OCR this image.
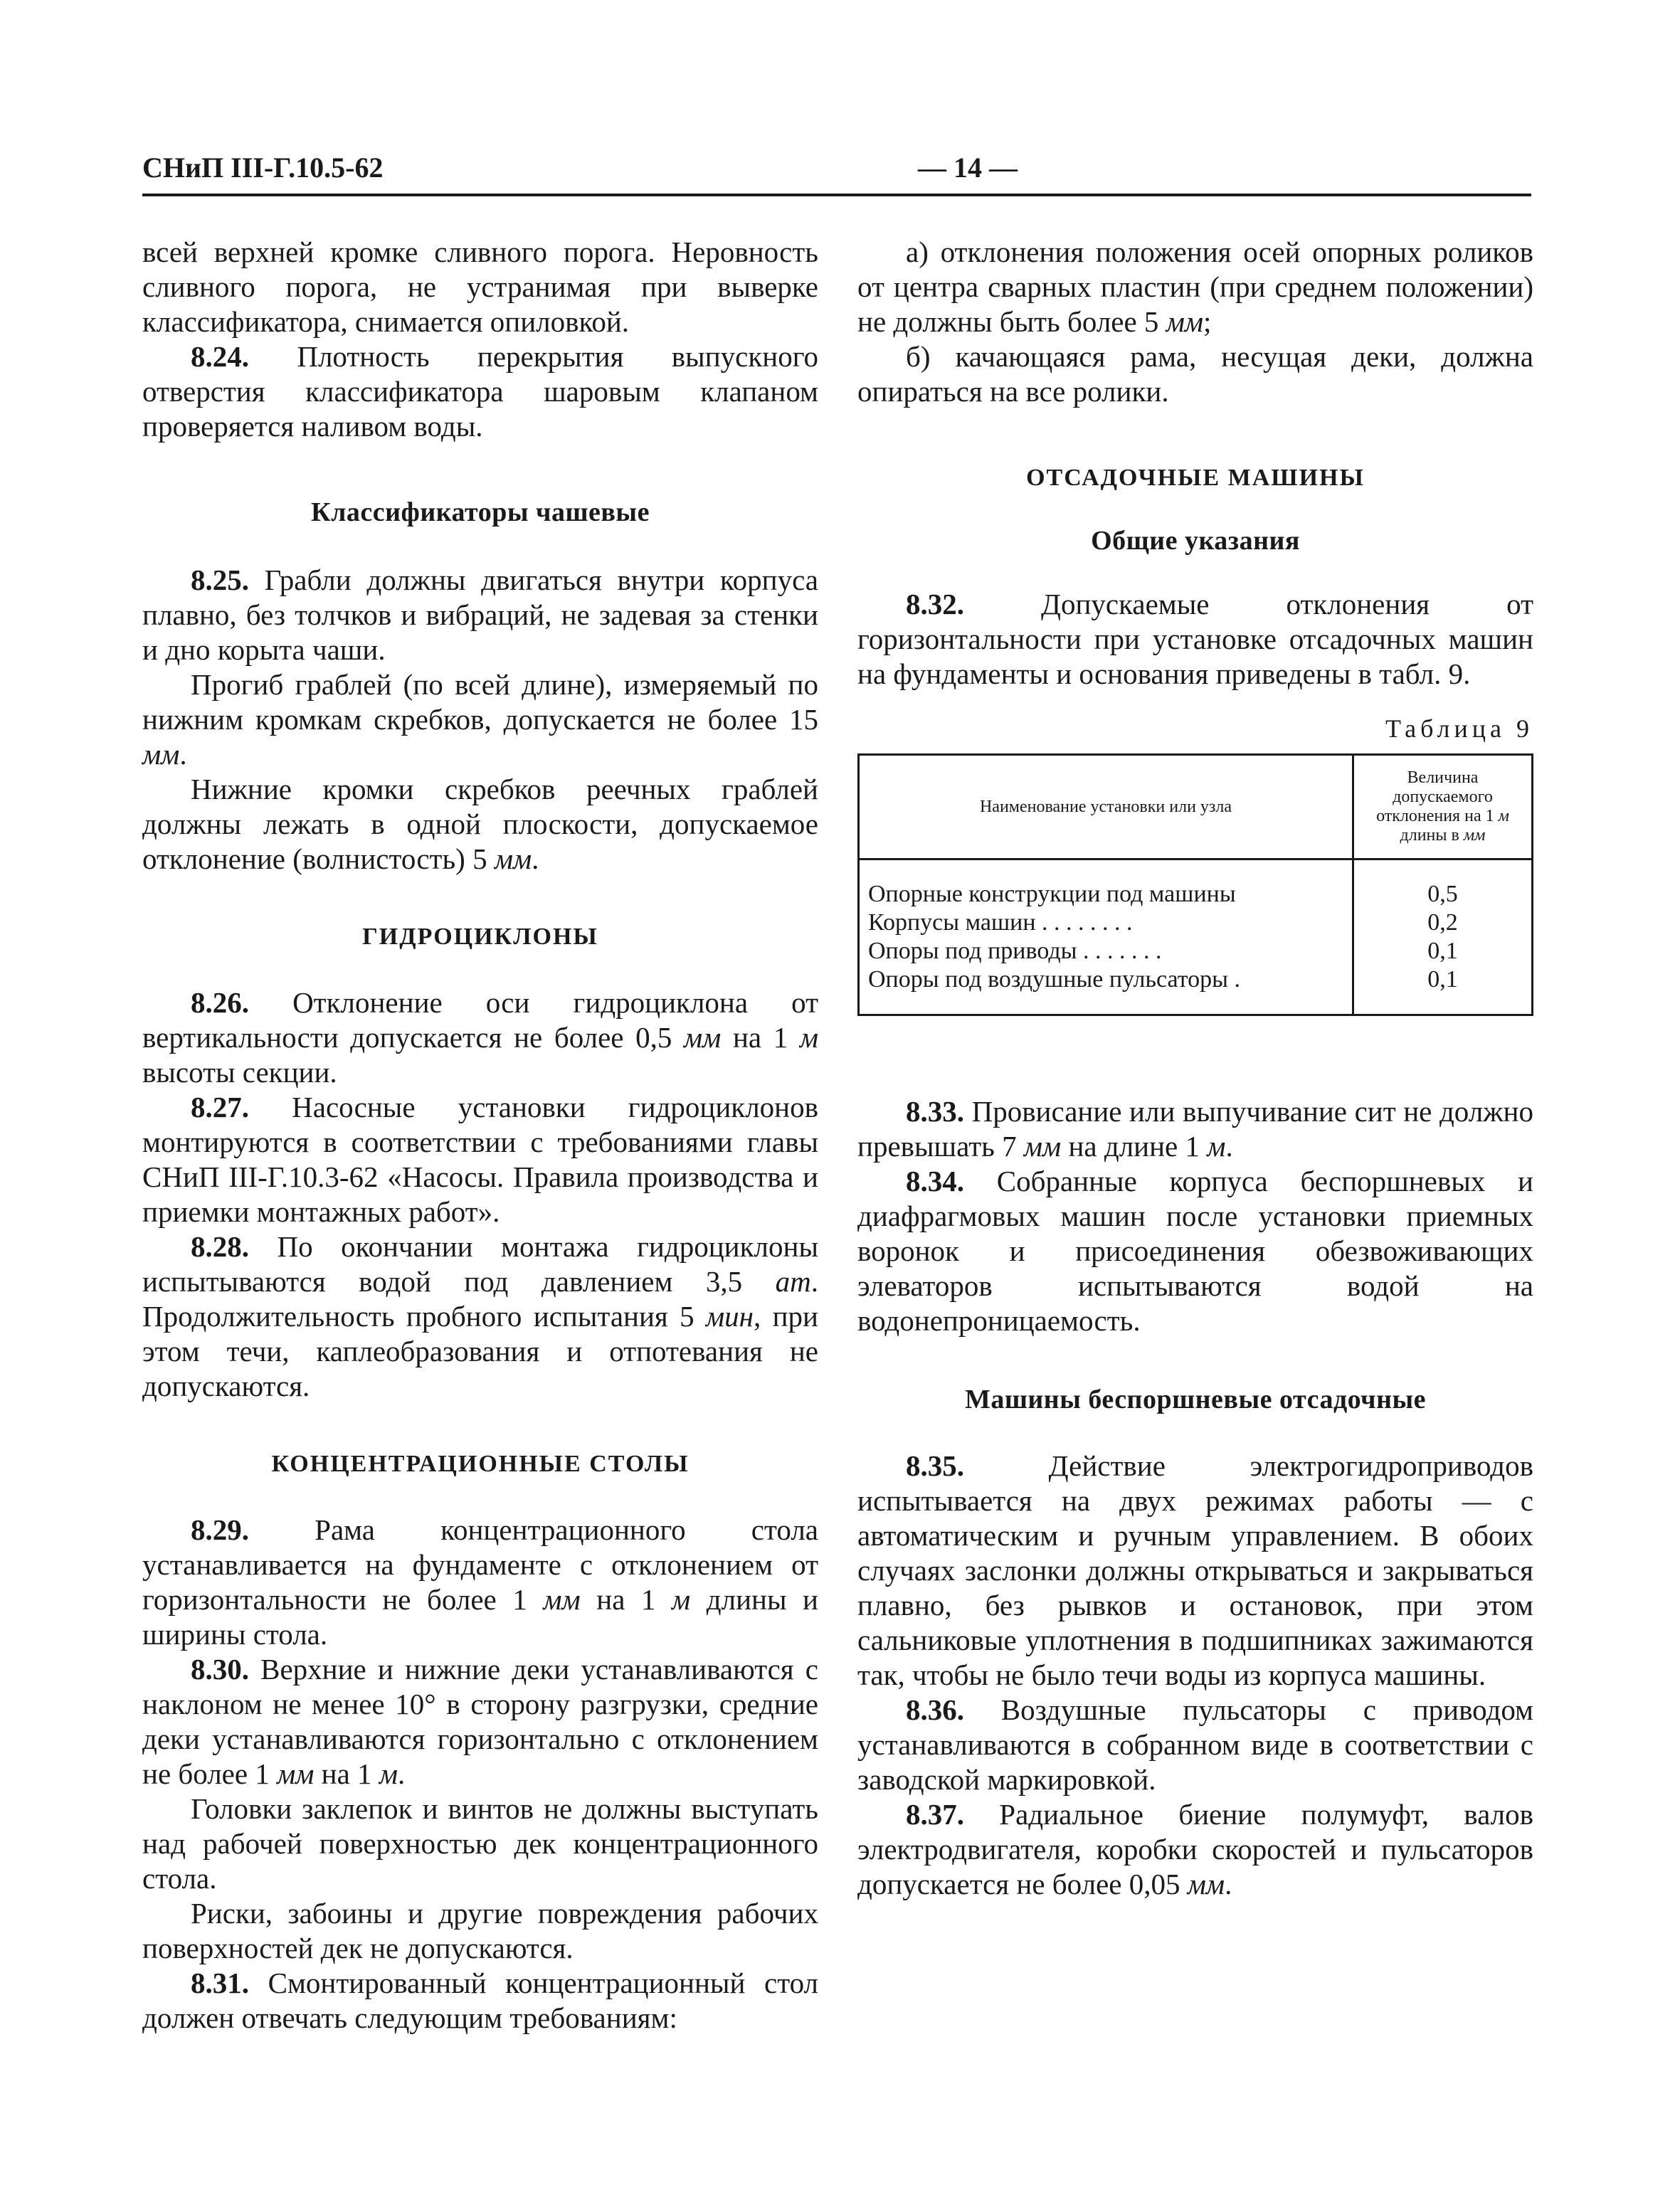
СНиП III-Г.10.5-62	— 14 —

всей верхней кромке сливного порога. Неровность сливного порога, не устранимая при выверке классификатора, снимается опиловкой.

8.24. Плотность перекрытия выпускного отверстия классификатора шаровым клапаном проверяется наливом воды.

Классификаторы чашевые

8.25. Грабли должны двигаться внутри корпуса плавно, без толчков и вибраций, не задевая за стенки и дно корыта чаши.

Прогиб граблей (по всей длине), измеряемый по нижним кромкам скребков, допускается не более 15 мм.

Нижние кромки скребков реечных граблей должны лежать в одной плоскости, допускаемое отклонение (волнистость) 5 мм.

ГИДРОЦИКЛОНЫ

8.26. Отклонение оси гидроциклона от вертикальности допускается не более 0,5 мм на 1 м высоты секции.

8.27. Насосные установки гидроциклонов монтируются в соответствии с требованиями главы СНиП III-Г.10.3-62 «Насосы. Правила производства и приемки монтажных работ».

8.28. По окончании монтажа гидроциклоны испытываются водой под давлением 3,5 ат. Продолжительность пробного испытания 5 мин, при этом течи, каплеобразования и отпотевания не допускаются.

КОНЦЕНТРАЦИОННЫЕ СТОЛЫ

8.29. Рама концентрационного стола устанавливается на фундаменте с отклонением от горизонтальности не более 1 мм на 1 м длины и ширины стола.

8.30. Верхние и нижние деки устанавливаются с наклоном не менее 10° в сторону разгрузки, средние деки устанавливаются горизонтально с отклонением не более 1 мм на 1 м.

Головки заклепок и винтов не должны выступать над рабочей поверхностью дек концентрационного стола.

Риски, забоины и другие повреждения рабочих поверхностей дек не допускаются.

8.31. Смонтированный концентрационный стол должен отвечать следующим требованиям:

а) отклонения положения осей опорных роликов от центра сварных пластин (при среднем положении) не должны быть более 5 мм;

б) качающаяся рама, несущая деки, должна опираться на все ролики.

ОТСАДОЧНЫЕ МАШИНЫ

Общие указания

8.32. Допускаемые отклонения от горизонтальности при установке отсадочных машин на фундаменты и основания приведены в табл. 9.

Таблица 9

Наименование установки или узла	Величина допускаемого отклонения на 1 м длины в мм

Опорные конструкции под машины	0,5
Корпусы машин . . . . . . . .	0,2
Опоры под приводы . . . . . . .	0,1
Опоры под воздушные пульсаторы .	0,1

8.33. Провисание или выпучивание сит не должно превышать 7 мм на длине 1 м.

8.34. Собранные корпуса беспоршневых и диафрагмовых машин после установки приемных воронок и присоединения обезвоживающих элеваторов испытываются водой на водонепроницаемость.

Машины беспоршневые отсадочные

8.35. Действие электрогидроприводов испытывается на двух режимах работы — с автоматическим и ручным управлением. В обоих случаях заслонки должны открываться и закрываться плавно, без рывков и остановок, при этом сальниковые уплотнения в подшипниках зажимаются так, чтобы не было течи воды из корпуса машины.

8.36. Воздушные пульсаторы с приводом устанавливаются в собранном виде в соответствии с заводской маркировкой.

8.37. Радиальное биение полумуфт, валов электродвигателя, коробки скоростей и пульсаторов допускается не более 0,05 мм.
